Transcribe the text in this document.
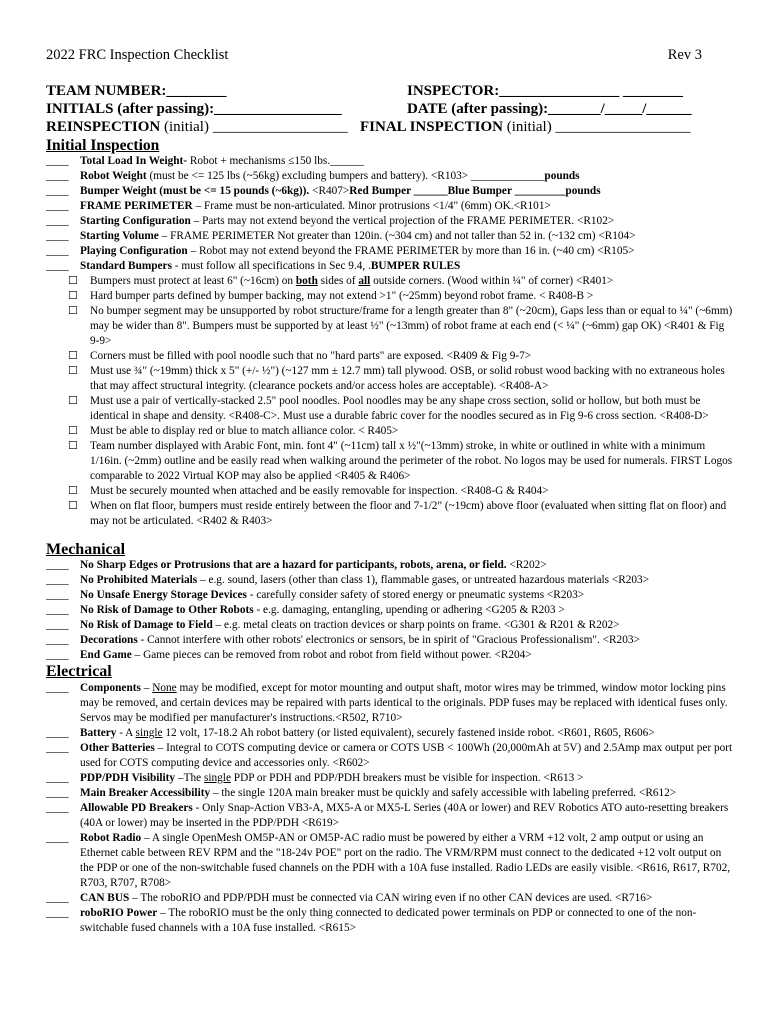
2022 FRC Inspection Checklist	Rev 3
TEAM NUMBER:________	INSPECTOR:________________ ________
INITIALS (after passing):_________________	DATE (after passing):_______/_____/______
REINSPECTION (initial) __________________ FINAL INSPECTION (initial) __________________
Initial Inspection
____	Total Load In Weight- Robot + mechanisms ≤150 lbs.______
____	Robot Weight (must be <= 125 lbs (~56kg) excluding bumpers and battery). <R103> _____________pounds
____	Bumper Weight (must be <= 15 pounds (~6kg)). <R407>Red Bumper ______Blue Bumper _________pounds
____	FRAME PERIMETER – Frame must be non-articulated. Minor protrusions <1/4" (6mm) OK.<R101>
____	Starting Configuration – Parts may not extend beyond the vertical projection of the FRAME PERIMETER. <R102>
____	Starting Volume – FRAME PERIMETER Not greater than 120in. (~304 cm) and not taller than 52 in. (~132 cm) <R104>
____	Playing Configuration – Robot may not extend beyond the FRAME PERIMETER by more than 16 in. (~40 cm) <R105>
____	Standard Bumpers - must follow all specifications in Sec 9.4, .BUMPER RULES
☐	Bumpers must protect at least 6" (~16cm) on both sides of all outside corners. (Wood within ¼" of corner) <R401>
☐	Hard bumper parts defined by bumper backing, may not extend >1" (~25mm) beyond robot frame. < R408-B >
☐	No bumper segment may be unsupported by robot structure/frame for a length greater than 8" (~20cm), Gaps less than or equal to ¼" (~6mm) may be wider than 8". Bumpers must be supported by at least ½" (~13mm) of robot frame at each end (< ¼" (~6mm) gap OK) <R401 & Fig 9-9>
☐	Corners must be filled with pool noodle such that no "hard parts" are exposed. <R409 & Fig 9-7>
☐	Must use ¾" (~19mm) thick x 5" (+/- ½") (~127 mm ± 12.7 mm) tall plywood. OSB, or solid robust wood backing with no extraneous holes that may affect structural integrity. (clearance pockets and/or access holes are acceptable). <R408-A>
☐	Must use a pair of vertically-stacked 2.5" pool noodles. Pool noodles may be any shape cross section, solid or hollow, but both must be identical in shape and density. <R408-C>. Must use a durable fabric cover for the noodles secured as in Fig 9-6 cross section. <R408-D>
☐	Must be able to display red or blue to match alliance color. < R405>
☐	Team number displayed with Arabic Font, min. font 4" (~11cm) tall x ½"(~13mm) stroke, in white or outlined in white with a minimum 1/16in. (~2mm) outline and be easily read when walking around the perimeter of the robot. No logos may be used for numerals. FIRST Logos comparable to 2022 Virtual KOP may also be applied <R405 & R406>
☐	Must be securely mounted when attached and be easily removable for inspection. <R408-G & R404>
☐	When on flat floor, bumpers must reside entirely between the floor and 7-1/2" (~19cm) above floor (evaluated when sitting flat on floor) and may not be articulated. <R402 & R403>
Mechanical
____	No Sharp Edges or Protrusions that are a hazard for participants, robots, arena, or field. <R202>
____	No Prohibited Materials – e.g. sound, lasers (other than class 1), flammable gases, or untreated hazardous materials <R203>
____	No Unsafe Energy Storage Devices - carefully consider safety of stored energy or pneumatic systems <R203>
____	No Risk of Damage to Other Robots - e.g. damaging, entangling, upending or adhering <G205 & R203 >
____	No Risk of Damage to Field – e.g. metal cleats on traction devices or sharp points on frame. <G301 & R201 & R202>
____	Decorations - Cannot interfere with other robots' electronics or sensors, be in spirit of "Gracious Professionalism". <R203>
____	End Game – Game pieces can be removed from robot and robot from field without power. <R204>
Electrical
____	Components – None may be modified, except for motor mounting and output shaft, motor wires may be trimmed, window motor locking pins may be removed, and certain devices may be repaired with parts identical to the originals. PDP fuses may be replaced with identical fuses only. Servos may be modified per manufacturer's instructions.<R502, R710>
____	Battery - A single 12 volt, 17-18.2 Ah robot battery (or listed equivalent), securely fastened inside robot. <R601, R605, R606>
____	Other Batteries – Integral to COTS computing device or camera or COTS USB < 100Wh (20,000mAh at 5V) and 2.5Amp max output per port used for COTS computing device and accessories only. <R602>
____	PDP/PDH Visibility –The single PDP or PDH and PDP/PDH breakers must be visible for inspection. <R613 >
____	Main Breaker Accessibility – the single 120A main breaker must be quickly and safely accessible with labeling preferred. <R612>
____	Allowable PD Breakers - Only Snap-Action VB3-A, MX5-A or MX5-L Series (40A or lower) and REV Robotics ATO auto-resetting breakers (40A or lower) may be inserted in the PDP/PDH <R619>
____	Robot Radio – A single OpenMesh OM5P-AN or OM5P-AC radio must be powered by either a VRM +12 volt, 2 amp output or using an Ethernet cable between REV RPM and the "18-24v POE" port on the radio. The VRM/RPM must connect to the dedicated +12 volt output on the PDP or one of the non-switchable fused channels on the PDH with a 10A fuse installed. Radio LEDs are easily visible. <R616, R617, R702, R703, R707, R708>
____	CAN BUS – The roboRIO and PDP/PDH must be connected via CAN wiring even if no other CAN devices are used. <R716>
____	roboRIO Power – The roboRIO must be the only thing connected to dedicated power terminals on PDP or connected to one of the non-switchable fused channels with a 10A fuse installed. <R615>
